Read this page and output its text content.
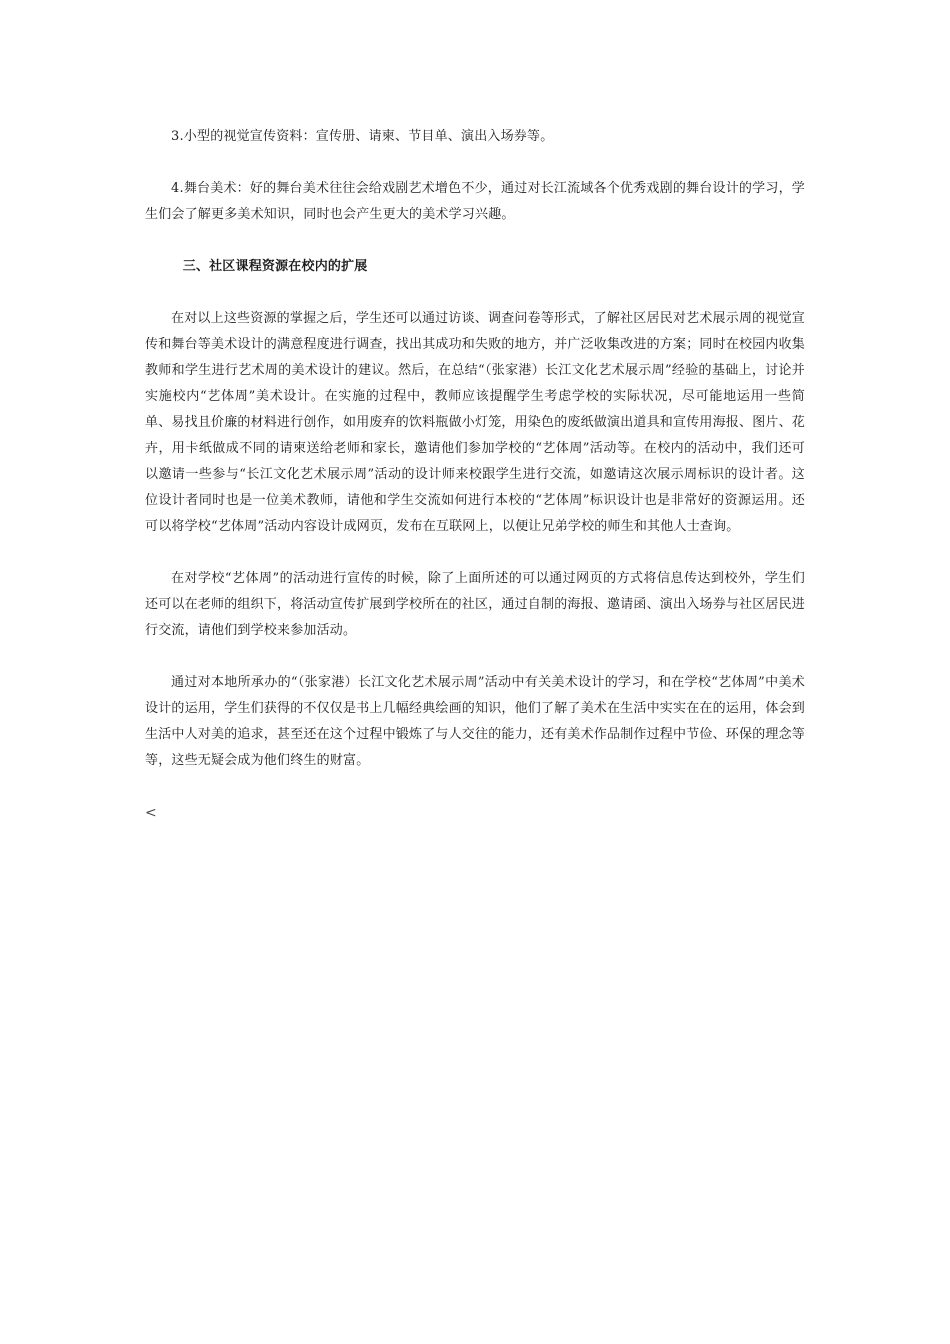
3.小型的视觉宣传资料：宣传册、请柬、节目单、演出入场券等。

4.舞台美术：好的舞台美术往往会给戏剧艺术增色不少，通过对长江流域各个优秀戏剧的舞台设计的学习，学生们会了解更多美术知识，同时也会产生更大的美术学习兴趣。

三、社区课程资源在校内的扩展

在对以上这些资源的掌握之后，学生还可以通过访谈、调查问卷等形式，了解社区居民对艺术展示周的视觉宣传和舞台等美术设计的满意程度进行调查，找出其成功和失败的地方，并广泛收集改进的方案；同时在校园内收集教师和学生进行艺术周的美术设计的建议。然后，在总结“（张家港）长江文化艺术展示周”经验的基础上，讨论并实施校内“艺体周”美术设计。在实施的过程中，教师应该提醒学生考虑学校的实际状况，尽可能地运用一些简单、易找且价廉的材料进行创作，如用废弃的饮料瓶做小灯笼，用染色的废纸做演出道具和宣传用海报、图片、花卉，用卡纸做成不同的请柬送给老师和家长，邀请他们参加学校的“艺体周”活动等。在校内的活动中，我们还可以邀请一些参与“长江文化艺术展示周”活动的设计师来校跟学生进行交流，如邀请这次展示周标识的设计者。这位设计者同时也是一位美术教师，请他和学生交流如何进行本校的“艺体周”标识设计也是非常好的资源运用。还可以将学校“艺体周”活动内容设计成网页，发布在互联网上，以便让兄弟学校的师生和其他人士查询。

在对学校“艺体周”的活动进行宣传的时候，除了上面所述的可以通过网页的方式将信息传达到校外，学生们还可以在老师的组织下，将活动宣传扩展到学校所在的社区，通过自制的海报、邀请函、演出入场券与社区居民进行交流，请他们到学校来参加活动。

通过对本地所承办的“（张家港）长江文化艺术展示周”活动中有关美术设计的学习，和在学校“艺体周”中美术设计的运用，学生们获得的不仅仅是书上几幅经典绘画的知识，他们了解了美术在生活中实实在在的运用，体会到生活中人对美的追求，甚至还在这个过程中锻炼了与人交往的能力，还有美术作品制作过程中节俭、环保的理念等等，这些无疑会成为他们终生的财富。

<
